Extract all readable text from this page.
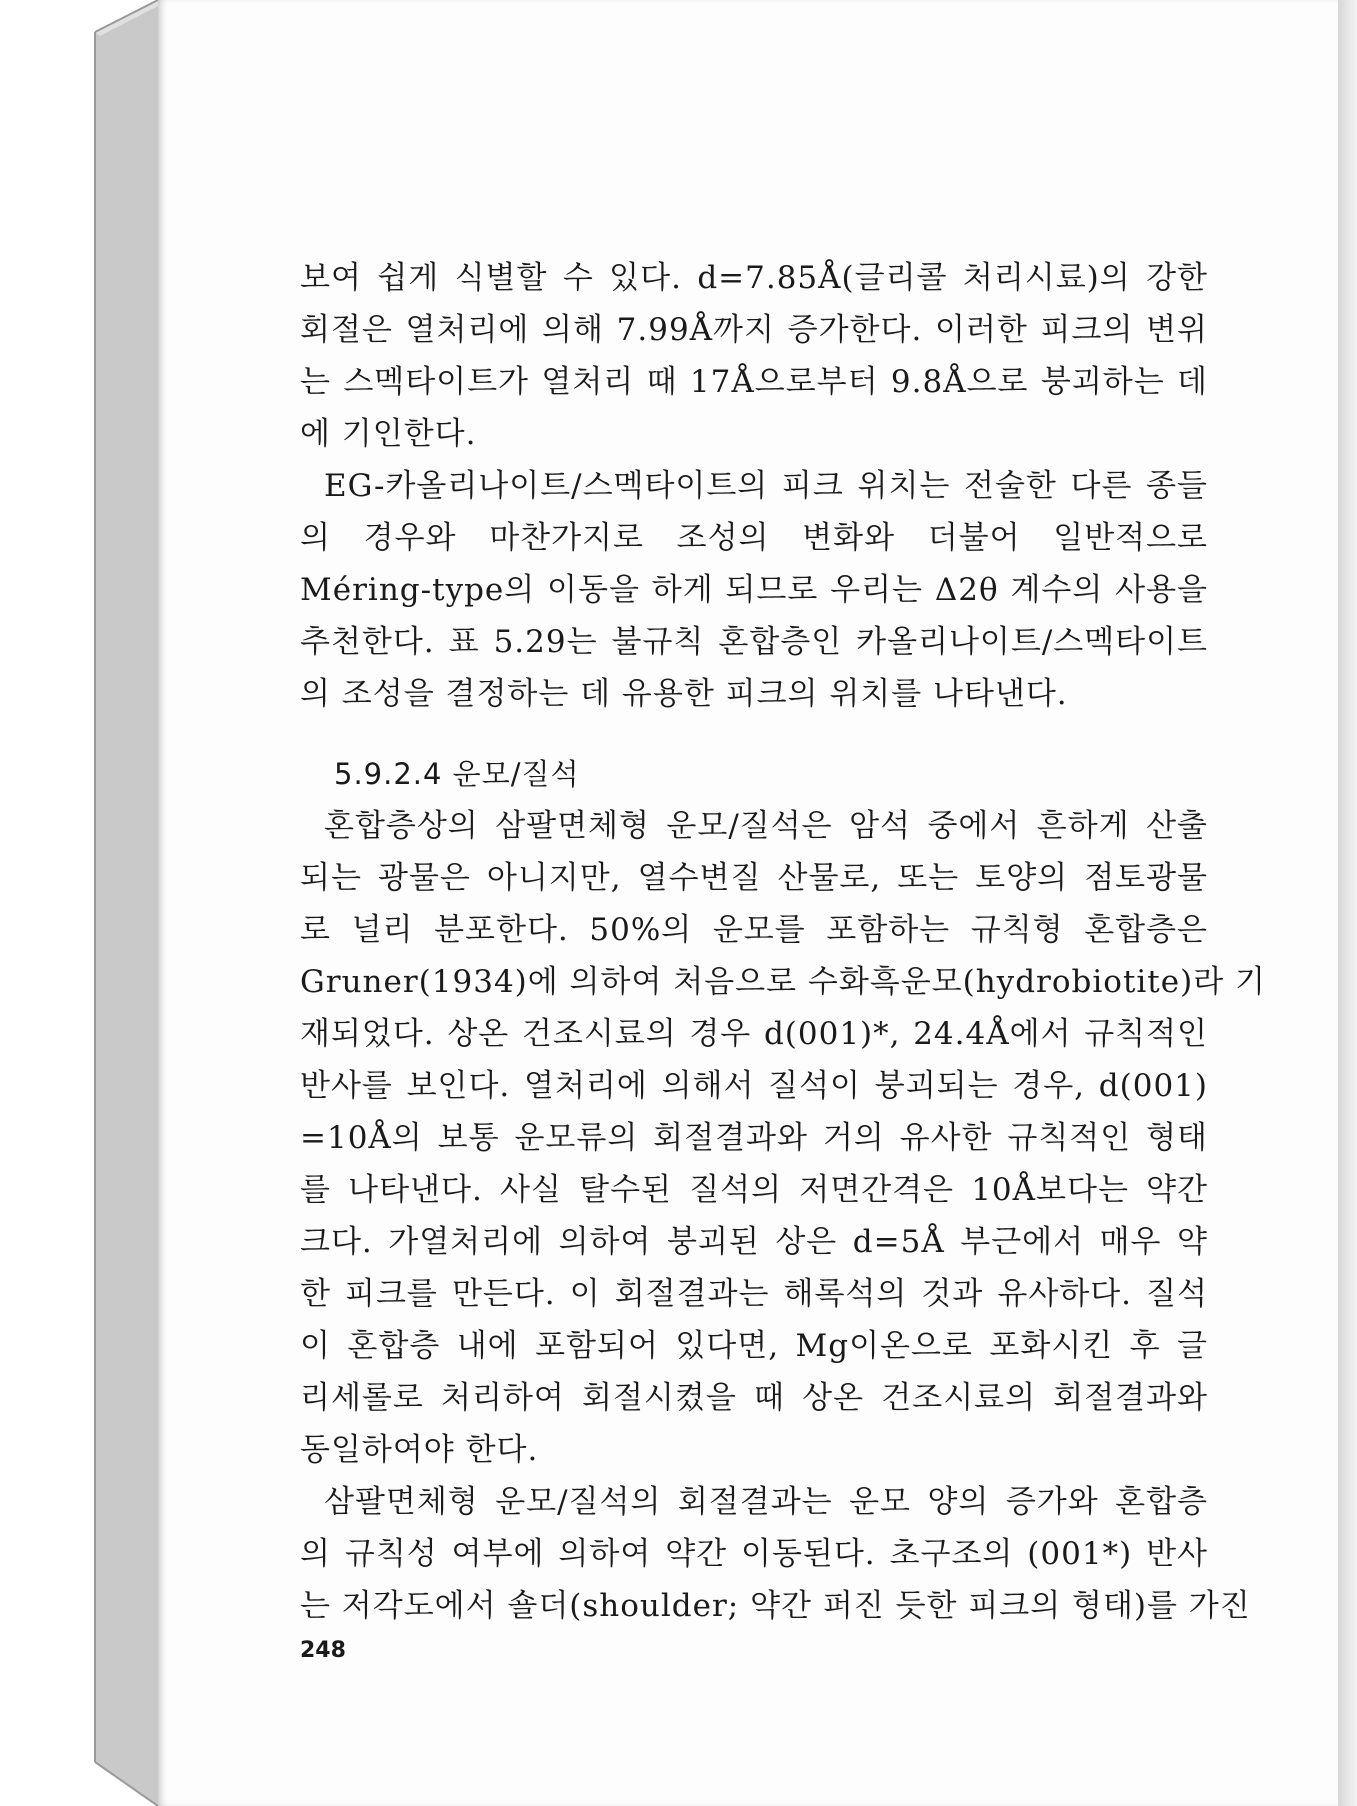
보여 쉽게 식별할 수 있다. d=7.85Å(글리콜 처리시료)의 강한
회절은 열처리에 의해 7.99Å까지 증가한다. 이러한 피크의 변위
는 스멕타이트가 열처리 때 17Å으로부터 9.8Å으로 붕괴하는 데
에 기인한다.
EG-카올리나이트/스멕타이트의 피크 위치는 전술한 다른 종들
의 경우와 마찬가지로 조성의 변화와 더불어 일반적으로
Méring-type의 이동을 하게 되므로 우리는 Δ2θ 계수의 사용을
추천한다. 표 5.29는 불규칙 혼합층인 카올리나이트/스멕타이트
의 조성을 결정하는 데 유용한 피크의 위치를 나타낸다.
5.9.2.4 운모/질석
혼합층상의 삼팔면체형 운모/질석은 암석 중에서 흔하게 산출
되는 광물은 아니지만, 열수변질 산물로, 또는 토양의 점토광물
로 널리 분포한다. 50%의 운모를 포함하는 규칙형 혼합층은
Gruner(1934)에 의하여 처음으로 수화흑운모(hydrobiotite)라 기
재되었다. 상온 건조시료의 경우 d(001)*, 24.4Å에서 규칙적인
반사를 보인다. 열처리에 의해서 질석이 붕괴되는 경우, d(001)
=10Å의 보통 운모류의 회절결과와 거의 유사한 규칙적인 형태
를 나타낸다. 사실 탈수된 질석의 저면간격은 10Å보다는 약간
크다. 가열처리에 의하여 붕괴된 상은 d=5Å 부근에서 매우 약
한 피크를 만든다. 이 회절결과는 해록석의 것과 유사하다. 질석
이 혼합층 내에 포함되어 있다면, Mg이온으로 포화시킨 후 글
리세롤로 처리하여 회절시켰을 때 상온 건조시료의 회절결과와
동일하여야 한다.
삼팔면체형 운모/질석의 회절결과는 운모 양의 증가와 혼합층
의 규칙성 여부에 의하여 약간 이동된다. 초구조의 (001*) 반사
는 저각도에서 숄더(shoulder; 약간 퍼진 듯한 피크의 형태)를 가진
248
